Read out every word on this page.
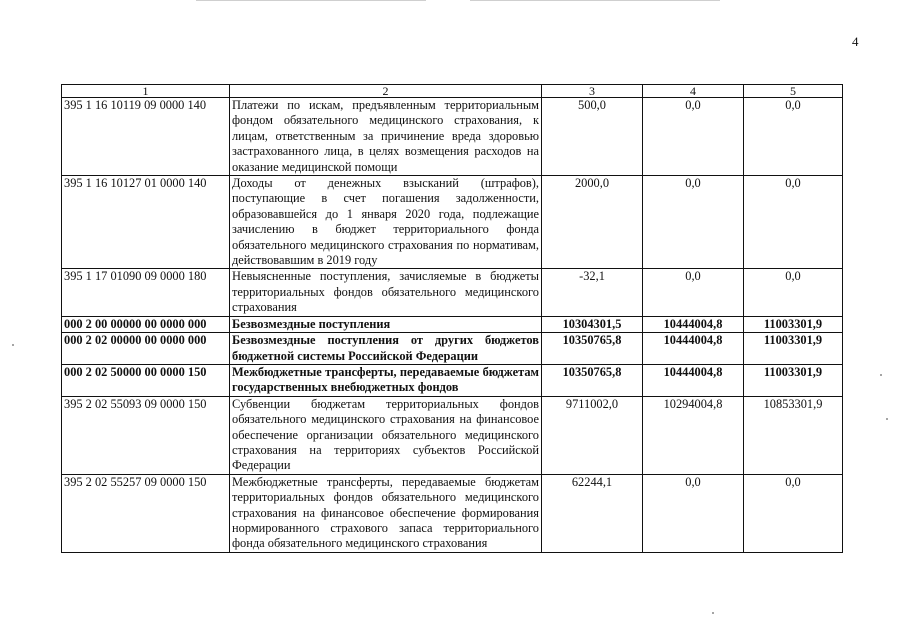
4
1	2	3	4	5
395 1 16 10119 09 0000 140	Платежи по искам, предъявленным территориальным фондом обязательного медицинского страхования, к лицам, ответственным за причинение вреда здоровью застрахованного лица, в целях возмещения расходов на оказание медицинской помощи	500,0	0,0	0,0
395 1 16 10127 01 0000 140	Доходы от денежных взысканий (штрафов), поступающие в счет погашения задолженности, образовавшейся до 1 января 2020 года, подлежащие зачислению в бюджет территориального фонда обязательного медицинского страхования по нормативам, действовавшим в 2019 году	2000,0	0,0	0,0
395 1 17 01090 09 0000 180	Невыясненные поступления, зачисляемые в бюджеты территориальных фондов обязательного медицинского страхования	-32,1	0,0	0,0
000 2 00 00000 00 0000 000	Безвозмездные поступления	10304301,5	10444004,8	11003301,9
000 2 02 00000 00 0000 000	Безвозмездные поступления от других бюджетов бюджетной системы Российской Федерации	10350765,8	10444004,8	11003301,9
000 2 02 50000 00 0000 150	Межбюджетные трансферты, передаваемые бюджетам государственных внебюджетных фондов	10350765,8	10444004,8	11003301,9
395 2 02 55093 09 0000 150	Субвенции бюджетам территориальных фондов обязательного медицинского страхования на финансовое обеспечение организации обязательного медицинского страхования на территориях субъектов Российской Федерации	9711002,0	10294004,8	10853301,9
395 2 02 55257 09 0000 150	Межбюджетные трансферты, передаваемые бюджетам территориальных фондов обязательного медицинского страхования на финансовое обеспечение формирования нормированного страхового запаса территориального фонда обязательного медицинского страхования	62244,1	0,0	0,0
